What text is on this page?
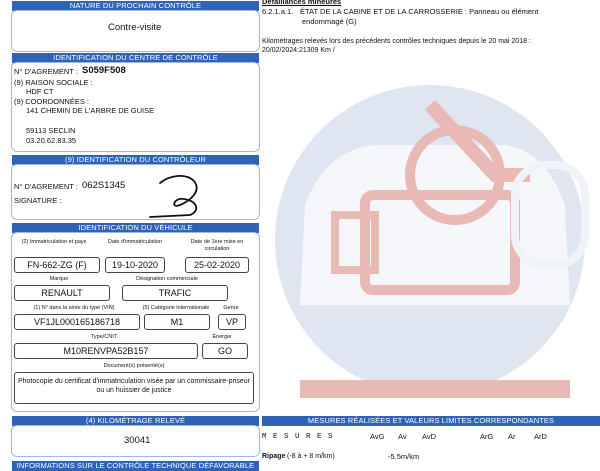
NATURE DU PROCHAIN CONTRÔLE
Contre-visite
IDENTIFICATION DU CENTRE DE CONTRÔLE
N° D'AGREMENT : S059F508
(9) RAISON SOCIALE :
HDF CT
(9) COORDONNÉES :
141 CHEMIN DE L'ARBRE DE GUISE
59113 SECLIN
03.20.62.83.35
(9) IDENTIFICATION DU CONTRÔLEUR
N° D'AGREMENT : 062S1345
SIGNATURE :
IDENTIFICATION DU VÉHICULE
(2) Immatriculation et pays	Date d'immatriculation	Date de 1ère mise en circulation
FN-662-ZG (F)	19-10-2020	25-02-2020
Marque	Désignation commerciale
RENAULT	TRAFIC
(1) N° dans la série du type (VIN)	(5) Catégorie internationale	Genre
VF1JL000165186718	M1	VP
Type/CNIT	Énergie
M10RENVPA52B157	GO
Document(s) présenté(s)
Photocopie du certificat d'immatriculation visée par un commissaire-priseur ou un huissier de justice
(4) KILOMÉTRAGE RELEVÉ
30041
INFORMATIONS SUR LE CONTRÔLE TECHNIQUE DÉFAVORABLE
Défaillances mineures
6.2.1.a.1. ÉTAT DE LA CABINE ET DE LA CARROSSERIE : Panneau ou élément
endommagé (G)
Kilométrages relevés lors des précédents contrôles techniques depuis le 20 mai 2018 :
20/02/2024:21309 Km /
MESURES RÉALISÉES ET VALEURS LIMITES CORRESPONDANTES
M E S U R E S	AvG Av AvD	ArG Ar ArD
Ripage (-8 à + 8 m/km)	-5.5m/km
